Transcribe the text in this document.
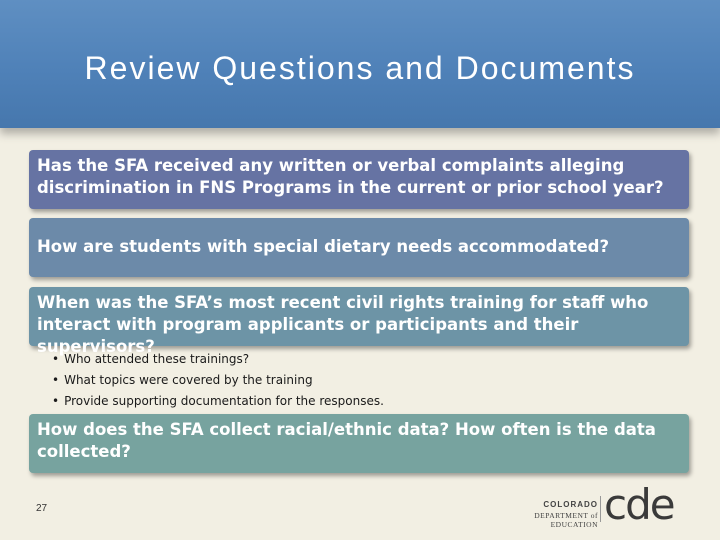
Review Questions and Documents

Has the SFA received any written or verbal complaints alleging discrimination in FNS Programs in the current or prior school year?

How are students with special dietary needs accommodated?

When was the SFA’s most recent civil rights training for staff who interact with program applicants or participants and their supervisors?

• Who attended these trainings?
• What topics were covered by the training
• Provide supporting documentation for the responses.

How does the SFA collect racial/ethnic data? How often is the data collected?

27	COLORADO
DEPARTMENT of EDUCATION cde
